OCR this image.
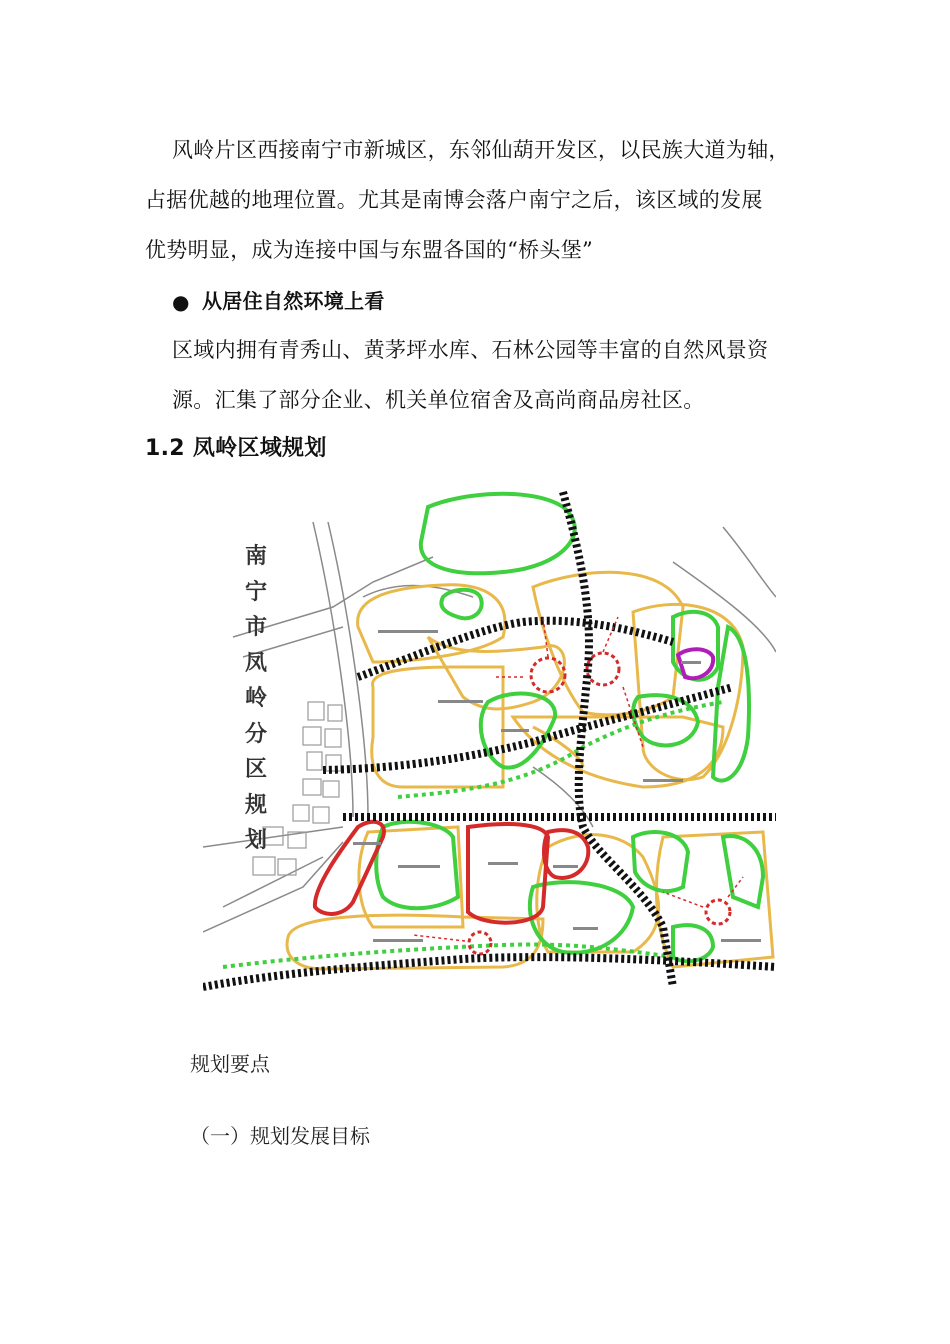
风岭片区西接南宁市新城区，东邻仙葫开发区，以民族大道为轴，
占据优越的地理位置。尤其是南博会落户南宁之后，该区域的发展
优势明显，成为连接中国与东盟各国的“桥头堡”
● 从居住自然环境上看
区域内拥有青秀山、黄茅坪水库、石林公园等丰富的自然风景资
源。汇集了部分企业、机关单位宿舍及高尚商品房社区。
1.2 凤岭区域规划
南
宁
市
凤
岭
分
区
规
划
规划要点
（一）规划发展目标
